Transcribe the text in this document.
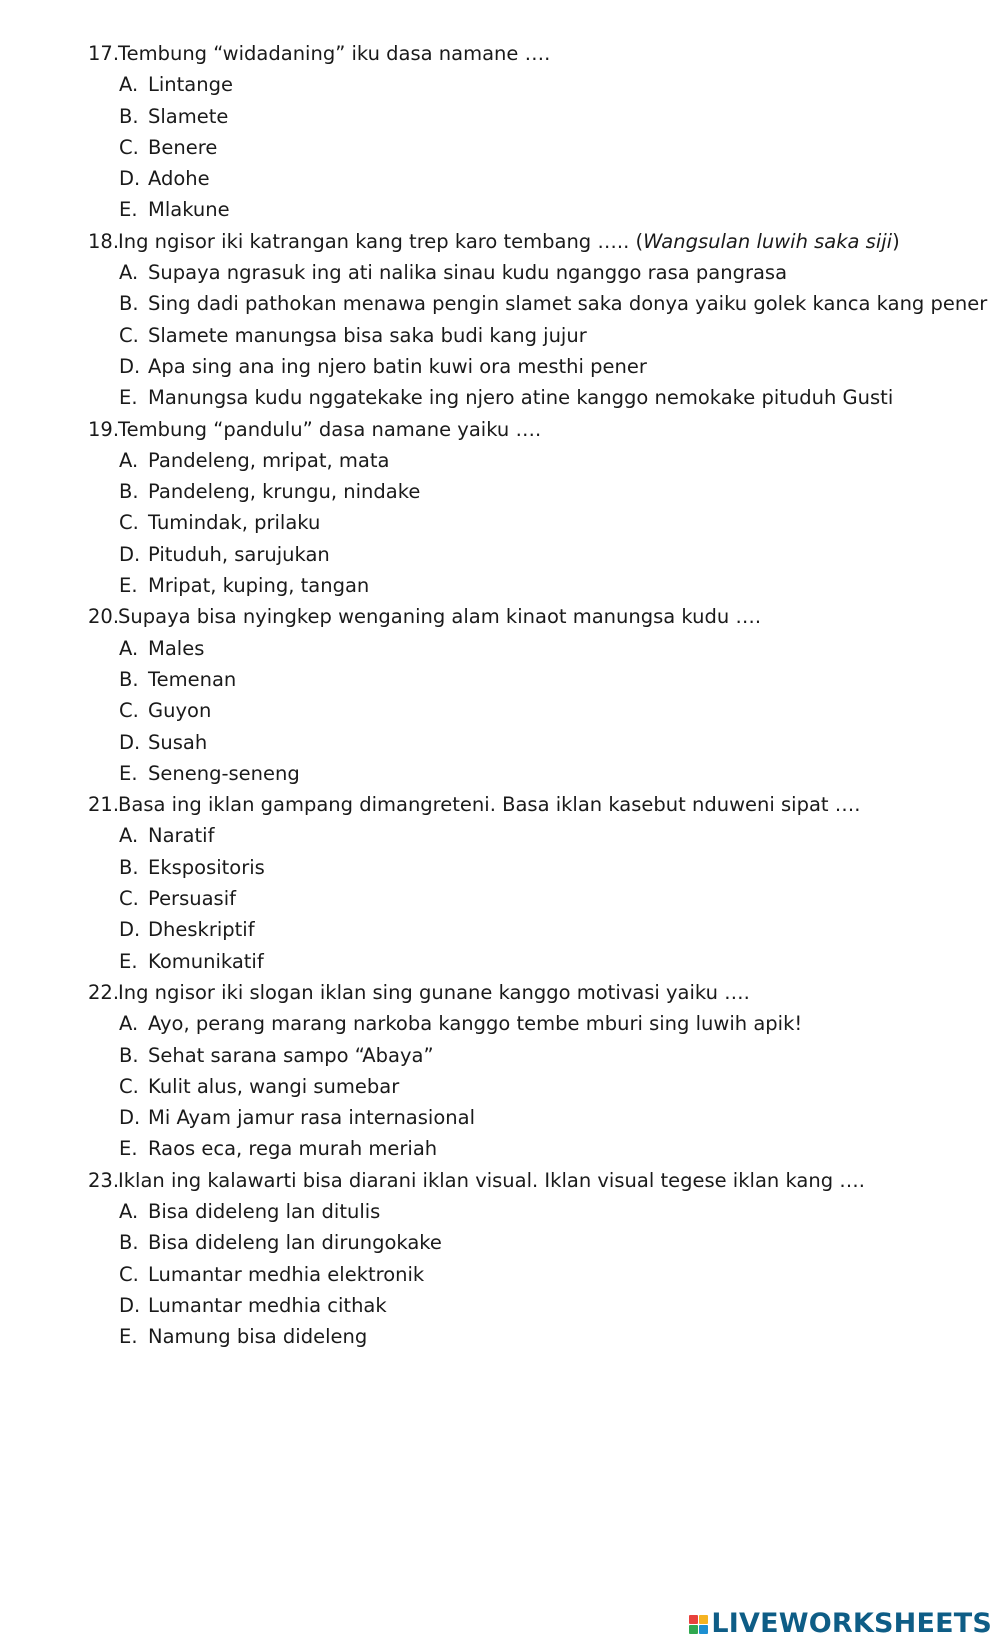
17.
Tembung “widadaning” iku dasa namane ….
A. Lintange
B. Slamete
C. Benere
D. Adohe
E. Mlakune
18.
Ing ngisor iki katrangan kang trep karo tembang ….. (Wangsulan luwih saka siji)
A. Supaya ngrasuk ing ati nalika sinau kudu nganggo rasa pangrasa
B. Sing dadi pathokan menawa pengin slamet saka donya yaiku golek kanca kang pener
C. Slamete manungsa bisa saka budi kang jujur
D. Apa sing ana ing njero batin kuwi ora mesthi pener
E. Manungsa kudu nggatekake ing njero atine kanggo nemokake pituduh Gusti
19.
Tembung “pandulu” dasa namane yaiku ….
A. Pandeleng, mripat, mata
B. Pandeleng, krungu, nindake
C. Tumindak, prilaku
D. Pituduh, sarujukan
E. Mripat, kuping, tangan
20.
Supaya bisa nyingkep wenganing alam kinaot manungsa kudu ….
A. Males
B. Temenan
C. Guyon
D. Susah
E. Seneng-seneng
21.
Basa ing iklan gampang dimangreteni. Basa iklan kasebut nduweni sipat ….
A. Naratif
B. Ekspositoris
C. Persuasif
D. Dheskriptif
E. Komunikatif
22.
Ing ngisor iki slogan iklan sing gunane kanggo motivasi yaiku ….
A. Ayo, perang marang narkoba kanggo tembe mburi sing luwih apik!
B. Sehat sarana sampo “Abaya”
C. Kulit alus, wangi sumebar
D. Mi Ayam jamur rasa internasional
E. Raos eca, rega murah meriah
23.
Iklan ing kalawarti bisa diarani iklan visual. Iklan visual tegese iklan kang ….
A. Bisa dideleng lan ditulis
B. Bisa dideleng lan dirungokake
C. Lumantar medhia elektronik
D. Lumantar medhia cithak
E. Namung bisa dideleng
LIVEWORKSHEETS
